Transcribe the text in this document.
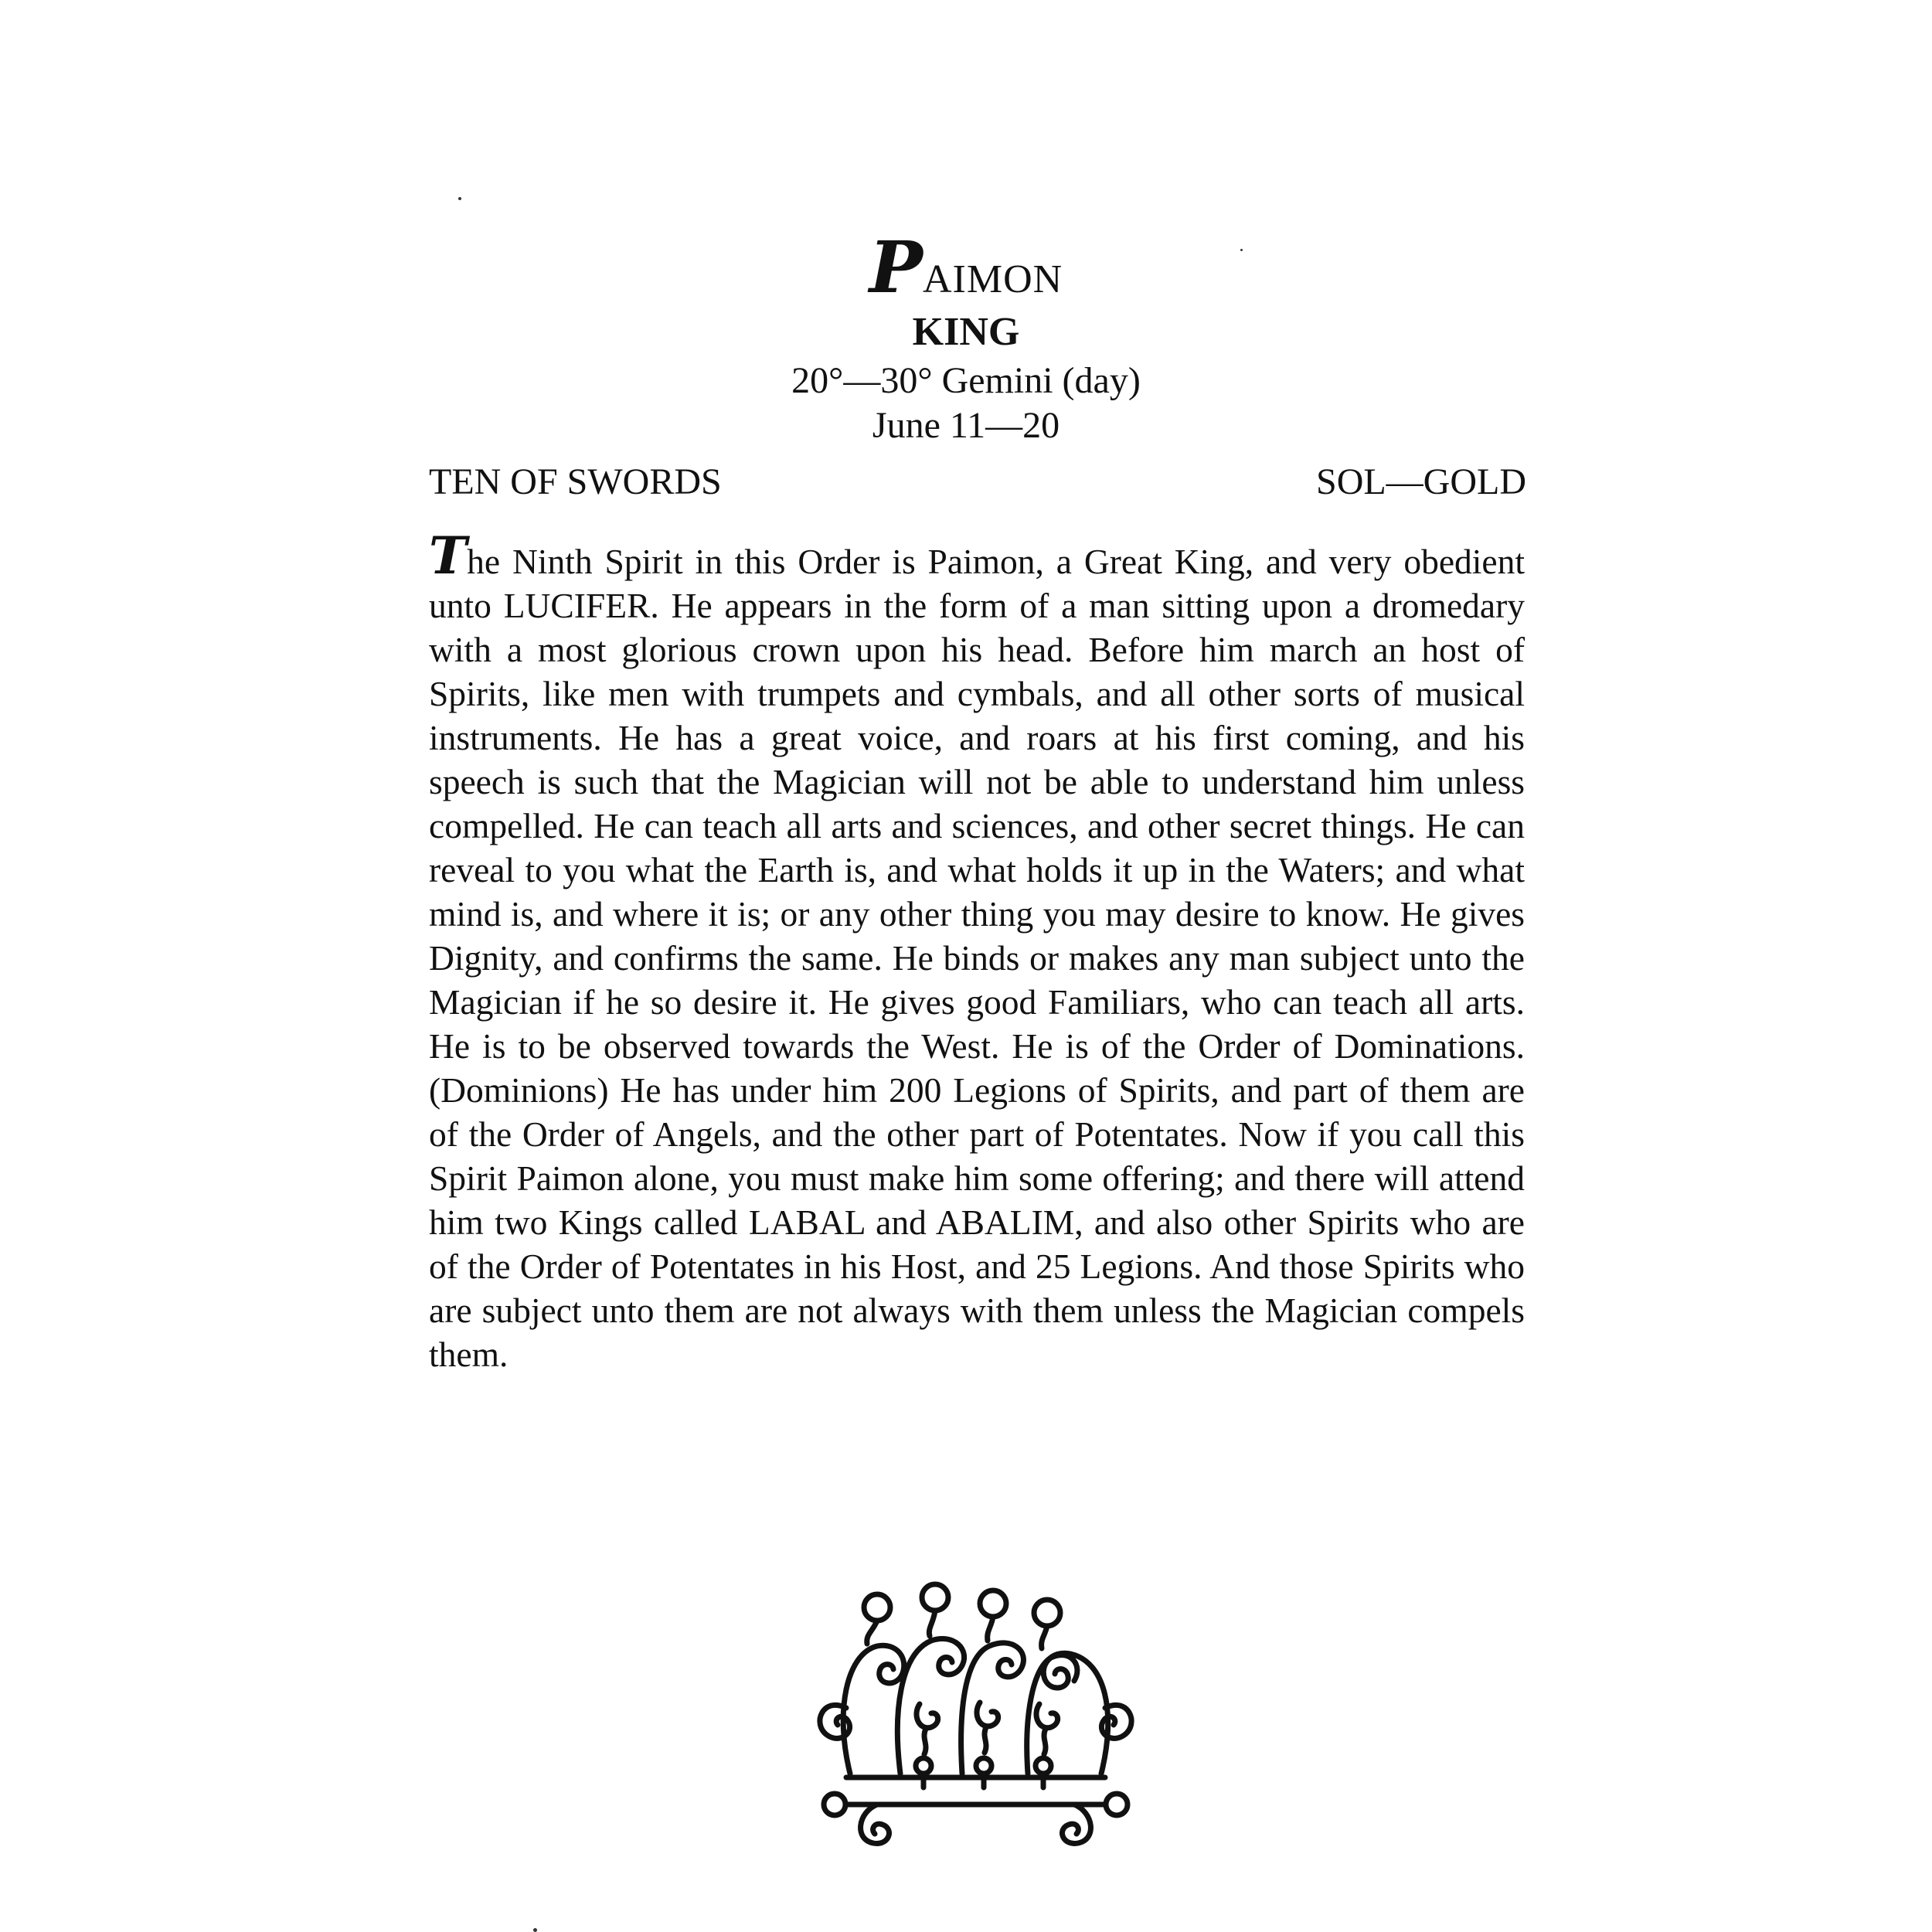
PAIMON
KING
20°—30° Gemini (day)
June 11—20
TEN OF SWORDS	SOL—GOLD
The Ninth Spirit in this Order is Paimon, a Great King, and very obedient unto LUCIFER. He appears in the form of a man sitting upon a dromedary with a most glorious crown upon his head. Before him march an host of Spirits, like men with trumpets and cymbals, and all other sorts of musical instruments. He has a great voice, and roars at his first coming, and his speech is such that the Magician will not be able to understand him unless compelled. He can teach all arts and sciences, and other secret things. He can reveal to you what the Earth is, and what holds it up in the Waters; and what mind is, and where it is; or any other thing you may desire to know. He gives Dignity, and confirms the same. He binds or makes any man subject unto the Magician if he so desire it. He gives good Familiars, who can teach all arts. He is to be observed towards the West. He is of the Order of Dominations.(Dominions) He has under him 200 Legions of Spirits, and part of them are of the Order of Angels, and the other part of Potentates. Now if you call this Spirit Paimon alone, you must make him some offering; and there will attend him two Kings called LABAL and ABALIM, and also other Spirits who are of the Order of Potentates in his Host, and 25 Legions. And those Spirits who are subject unto them are not always with them unless the Magician compels them.
